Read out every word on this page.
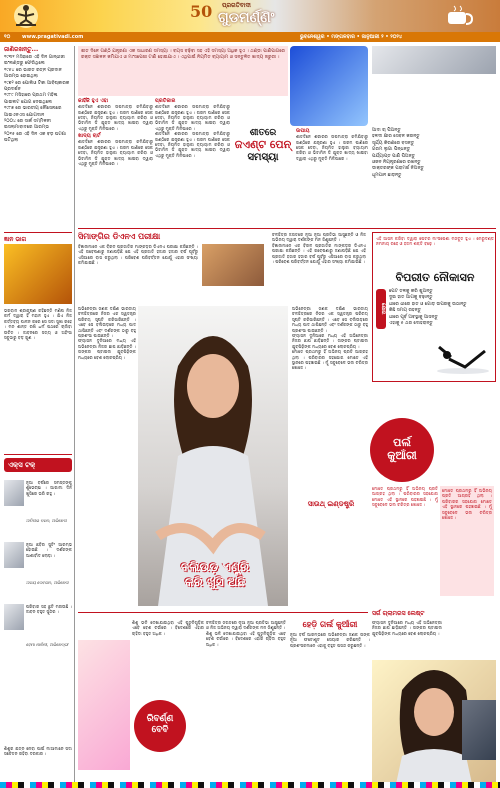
50	ପ୍ରଗତିବାଦୀ
ଗୁଡମର୍ଣ୍ଣିଂ
୧୦ www.pragativadi.com	ଭୁବନେଶ୍ୱର • ମଙ୍ଗଳବାର • ଜାନୁଆରୀ ୨ • ୨୦୨୪
ଜାଣିରଖନ୍ତୁ...
୧୯୩୧ ମସିହାରେ ଏହି ଦିନ ଗାନ୍ଧୀଜୀ ଇଂଲଣ୍ଡରୁ ଫେରିଥିଲେ
୧୯୫୪ ରେ ଭାରତ ରତ୍ନ ପ୍ରଦାନ ଆରମ୍ଭ ହୋଇଥିଲା
୧୯୭୨ ରେ ପୋଲିଓ ଟିକା ଆବିଷ୍କାରକ ପ୍ରଦର୍ଶନ
୧୯୮୯ ମସିହାରେ ପ୍ରଥମ ମହିଳା ପାଇଲଟ ଯୋଗ ଦେଇଥିଲେ
୧୯୮୭ ରେ ଭାରତୀୟ ନୌସେନାରେ ଆଇଏନଏସ ଯୋଗଦାନ
୨୦୦୪ ରେ ସାର୍କ ସମ୍ମିଳନୀ ଇସଲାମାବାଦରେ ଆରମ୍ଭ
୨୦୧୫ ରେ ଏହି ଦିନ ଏକ ବଡ଼ ଘଟଣା ଘଟିଥିଲା
ଜ୍ଞାନ ଭାଗ
ଭଗବାନ ଶ୍ରୀକୃଷ୍ଣ କହିଛନ୍ତି ମଣିଷ ନିଜ କର୍ମ ଦ୍ୱାରା ହିଁ ମହାନ ହୁଏ । ଯିଏ ନିଜ କର୍ତ୍ତବ୍ୟ ପାଳନ କରେ ସେ ସଦା ସୁଖୀ ରହେ । ମନ ଶାନ୍ତ ରଖି ଧର୍ମ ପଥରେ ଚାଲିବା ଉଚିତ । ଜୀବନରେ ସତ୍ୟ ଓ ଅହିଂସା ସବୁଠାରୁ ବଡ଼ ଗୁଣ ।
ଏକ୍ସ ଟକ୍
ନୂଆ ବର୍ଷରେ ସମସ୍ତଙ୍କୁ ଶୁଭେଚ୍ଛା । ଆଗାମୀ ଦିନ ଖୁସିରେ ଭରି ରହୁ ।
ଅମିତାଭ ବଚ୍ଚନ, ଅଭିନେତା
ନୂଆ ଛବିର ସୁଟିଂ ଆରମ୍ଭ ହୋଇଛି । ଦର୍ଶକଙ୍କ ଆଶୀର୍ବାଦ ଲୋଡ଼ା ।
ଅଜୟ ଦେବଗନ, ଅଭିନେତା
ପରିବାର ସହ ଛୁଟି ମନାଉଛି । ଜୀବନ ବହୁତ ସୁନ୍ଦର ।
ହେମା ମାଳିନୀ, ଅଭିନେତ୍ରୀ
ଶିଶୁର ଯତ୍ନ ନେବା ପାଇଁ ମାଆମାନେ ସଦା ସଚେତନ ରହିବା ଦରକାର ।
ଶୀତ ଦିନେ ଗଣ୍ଠି ଯନ୍ତ୍ରଣା ଏକ ସାଧାରଣ ସମସ୍ୟା । ବୟସ ବଢ଼ିବା ସହ ଏହି ସମସ୍ୟା ଅଧିକ ହୁଏ । ଥଣ୍ଡା ପାଣିପାଗରେ ରକ୍ତ ସଞ୍ଚାଳନ କମିଯାଏ ଓ ମାଂସପେଶୀ ଟାଣି ହୋଇଯାଏ । ଏଥିପାଇଁ ନିୟମିତ ବ୍ୟାୟାମ ଓ ସନ୍ତୁଳିତ ଖାଦ୍ୟ ଜରୁରୀ ।
କାହିଁକି ହୁଏ ଏହା
ଶୀତଦିନେ ଶରୀରର ତାପମାତ୍ରା କମିଯିବାରୁ ଗଣ୍ଠିରେ ଯନ୍ତ୍ରଣା ହୁଏ । ଗରମ ପାଣିରେ ସେକ ଦେବା, ନିୟମିତ ହାଲୁକା ବ୍ୟାୟାମ କରିବା ଓ ଭିଟାମିନ ଡି ଯୁକ୍ତ ଖାଦ୍ୟ ଖାଇବା ଦ୍ୱାରା ଏଥିରୁ ମୁକ୍ତି ମିଳିପାରେ ।
ଖାଦ୍ୟ ଚାର୍ଟ
ଶୀତଦିନେ ଶରୀରର ତାପମାତ୍ରା କମିଯିବାରୁ ଗଣ୍ଠିରେ ଯନ୍ତ୍ରଣା ହୁଏ । ଗରମ ପାଣିରେ ସେକ ଦେବା, ନିୟମିତ ହାଲୁକା ବ୍ୟାୟାମ କରିବା ଓ ଭିଟାମିନ ଡି ଯୁକ୍ତ ଖାଦ୍ୟ ଖାଇବା ଦ୍ୱାରା ଏଥିରୁ ମୁକ୍ତି ମିଳିପାରେ ।
ପ୍ରତିକାର
ଶୀତଦିନେ ଶରୀରର ତାପମାତ୍ରା କମିଯିବାରୁ ଗଣ୍ଠିରେ ଯନ୍ତ୍ରଣା ହୁଏ । ଗରମ ପାଣିରେ ସେକ ଦେବା, ନିୟମିତ ହାଲୁକା ବ୍ୟାୟାମ କରିବା ଓ ଭିଟାମିନ ଡି ଯୁକ୍ତ ଖାଦ୍ୟ ଖାଇବା ଦ୍ୱାରା ଏଥିରୁ ମୁକ୍ତି ମିଳିପାରେ ।
ଶୀତଦିନେ ଶରୀରର ତାପମାତ୍ରା କମିଯିବାରୁ ଗଣ୍ଠିରେ ଯନ୍ତ୍ରଣା ହୁଏ । ଗରମ ପାଣିରେ ସେକ ଦେବା, ନିୟମିତ ହାଲୁକା ବ୍ୟାୟାମ କରିବା ଓ ଭିଟାମିନ ଡି ଯୁକ୍ତ ଖାଦ୍ୟ ଖାଇବା ଦ୍ୱାରା ଏଥିରୁ ମୁକ୍ତି ମିଳିପାରେ ।
ଶୀତରେ
ଜଏଣ୍ଟ ପେନ୍
ସମସ୍ୟା
ଉପାୟ
ଶୀତଦିନେ ଶରୀରର ତାପମାତ୍ରା କମିଯିବାରୁ ଗଣ୍ଠିରେ ଯନ୍ତ୍ରଣା ହୁଏ । ଗରମ ପାଣିରେ ସେକ ଦେବା, ନିୟମିତ ହାଲୁକା ବ୍ୟାୟାମ କରିବା ଓ ଭିଟାମିନ ଡି ଯୁକ୍ତ ଖାଦ୍ୟ ଖାଇବା ଦ୍ୱାରା ଏଥିରୁ ମୁକ୍ତି ମିଳିପାରେ ।
ଆଦା ଚା ପିଅନ୍ତୁ
ହଳଦୀ କ୍ଷୀର ସେବନ କରନ୍ତୁ
ସୂର୍ଯ୍ୟ କିରଣରେ ବସନ୍ତୁ
ଗରମ ଲୁଗା ପିନ୍ଧନ୍ତୁ
ପର୍ଯ୍ୟାପ୍ତ ପାଣି ପିଅନ୍ତୁ
ଓଜନ ନିୟନ୍ତ୍ରଣରେ ରଖନ୍ତୁ
ଡାକ୍ତରଙ୍କ ପରାମର୍ଶ ନିଅନ୍ତୁ
ଧୂମପାନ ଛାଡ଼ନ୍ତୁ
ସିମାଙ୍ଗିର ଡିଏନଏ ପରୀକ୍ଷା
ବିଜ୍ଞାନୀମାନେ ଏକ ବିରଳ ପ୍ରଜାତିର ମାଙ୍କଡ଼ର ଡିଏନଏ ପରୀକ୍ଷା କରିଛନ୍ତି । ଏହି ଗବେଷଣାରୁ ଜଣାପଡ଼ିଛି ଯେ ଏହି ପ୍ରଜାତି ହଜାର ହଜାର ବର୍ଷ ପୂର୍ବରୁ ଏସିଆରେ ବାସ କରୁଥିଲା । ପରିବେଶ ପରିବର୍ତ୍ତନ ଯୋଗୁଁ ଏହାର ସଂଖ୍ୟା କମିଯାଇଛି ।
ଚଳଚ୍ଚିତ୍ର ଜଗତରେ ନୂଆ ନୂଆ ପ୍ରତିଭା ଆସୁଛନ୍ତି ଓ ନିଜ ଅଭିନୟ ଦ୍ୱାରା ଦର୍ଶକଙ୍କ ମନ ଜିଣୁଛନ୍ତି ।
ବିଜ୍ଞାନୀମାନେ ଏକ ବିରଳ ପ୍ରଜାତିର ମାଙ୍କଡ଼ର ଡିଏନଏ ପରୀକ୍ଷା କରିଛନ୍ତି । ଏହି ଗବେଷଣାରୁ ଜଣାପଡ଼ିଛି ଯେ ଏହି ପ୍ରଜାତି ହଜାର ହଜାର ବର୍ଷ ପୂର୍ବରୁ ଏସିଆରେ ବାସ କରୁଥିଲା । ପରିବେଶ ପରିବର୍ତ୍ତନ ଯୋଗୁଁ ଏହାର ସଂଖ୍ୟା କମିଯାଇଛି ।
ଏହି ଆସନ କରିବା ଦ୍ୱାରା ପେଟର ମାଂସପେଶୀ ମଜବୁତ ହୁଏ । ମେରୁଦଣ୍ଡ ନମନୀୟ ରହେ ଓ ହଜମ ଶକ୍ତି ବଢ଼େ ।
ବିପରୀତ ନୌକାସନ
ଯୋଗ
ପେଟ ତଳକୁ କରି ଶୁଅନ୍ତୁ
ଦୁଇ ହାତ ଆଗକୁ ବଢ଼ାନ୍ତୁ
ଧୀରେ ଧୀରେ ହାତ ଓ ଗୋଡ଼ ଉପରକୁ ଉଠାନ୍ତୁ
କିଛି ସମୟ ରହନ୍ତୁ
ଧୀରେ ପୂର୍ବ ଅବସ୍ଥାକୁ ଆସନ୍ତୁ
ଏହାକୁ ୫ ଥର ଦୋହରାନ୍ତୁ
ବଲିଉଡ଼ ଏଣ୍ଟ୍ରି
କରି ଖୁସି ଅଛି
ଅଭିନେତ୍ରୀ ଜଣକ ଦକ୍ଷିଣ ଭାରତୀୟ ଚଳଚ୍ଚିତ୍ରରେ ନିଜର ଏକ ସ୍ୱତନ୍ତ୍ର ପରିଚୟ ସୃଷ୍ଟି କରିସାରିଛନ୍ତି । ଏବେ ସେ ବଲିଉଡ଼ରେ ମଧ୍ୟ ପାଦ ଥାପିଛନ୍ତି ଏବଂ ଦର୍ଶକଙ୍କ ଠାରୁ ବହୁ ପ୍ରଶଂସା ପାଉଛନ୍ତି ।
ଫ୍ୟାସନ ଦୁନିଆରେ ମଧ୍ୟ ଏହି ଅଭିନେତ୍ରୀ ନିଜର ଛାପ ଛାଡ଼ିଛନ୍ତି । ତାଙ୍କର ଷ୍ଟାଇଲ ଯୁବପିଢ଼ିଙ୍କ ମଧ୍ୟରେ ବେଶ ଲୋକପ୍ରିୟ ।
ଅଭିନେତ୍ରୀ ଜଣକ ଦକ୍ଷିଣ ଭାରତୀୟ ଚଳଚ୍ଚିତ୍ରରେ ନିଜର ଏକ ସ୍ୱତନ୍ତ୍ର ପରିଚୟ ସୃଷ୍ଟି କରିସାରିଛନ୍ତି । ଏବେ ସେ ବଲିଉଡ଼ରେ ମଧ୍ୟ ପାଦ ଥାପିଛନ୍ତି ଏବଂ ଦର୍ଶକଙ୍କ ଠାରୁ ବହୁ ପ୍ରଶଂସା ପାଉଛନ୍ତି ।
ଫ୍ୟାସନ ଦୁନିଆରେ ମଧ୍ୟ ଏହି ଅଭିନେତ୍ରୀ ନିଜର ଛାପ ଛାଡ଼ିଛନ୍ତି । ତାଙ୍କର ଷ୍ଟାଇଲ ଯୁବପିଢ଼ିଙ୍କ ମଧ୍ୟରେ ବେଶ ଲୋକପ୍ରିୟ ।
ମୋତେ ପ୍ରଥମରୁ ହିଁ ଅଭିନୟ ପ୍ରତି ଆଗ୍ରହ ଥିଲା । ପରିବାରର ସହଯୋଗ ମୋତେ ଏହି ସ୍ଥାନରେ ପହଞ୍ଚାଇଛି । ମୁଁ ସବୁବେଳେ ଭଲ ଚରିତ୍ର ଖୋଜେ ।
ପର୍ଲ
କୁଆଁରୀ
ସାଉଥ୍ ଇଣ୍ଡଷ୍ଟ୍ରି
ମୋତେ ପ୍ରଥମରୁ ହିଁ ଅଭିନୟ ପ୍ରତି ଆଗ୍ରହ ଥିଲା । ପରିବାରର ସହଯୋଗ ମୋତେ ଏହି ସ୍ଥାନରେ ପହଞ୍ଚାଇଛି । ମୁଁ ସବୁବେଳେ ଭଲ ଚରିତ୍ର ଖୋଜେ ।
ମୋତେ ପ୍ରଥମରୁ ହିଁ ଅଭିନୟ ପ୍ରତି ଆଗ୍ରହ ଥିଲା । ପରିବାରର ସହଯୋଗ ମୋତେ ଏହି ସ୍ଥାନରେ ପହଞ୍ଚାଇଛି । ମୁଁ ସବୁବେଳେ ଭଲ ଚରିତ୍ର ଖୋଜେ ।
ସର୍ଗ ଗ୍ଲାମରସ ଲେଷ୍ଟ
ଫ୍ୟାସନ ଦୁନିଆରେ ମଧ୍ୟ ଏହି ଅଭିନେତ୍ରୀ ନିଜର ଛାପ ଛାଡ଼ିଛନ୍ତି । ତାଙ୍କର ଷ୍ଟାଇଲ ଯୁବପିଢ଼ିଙ୍କ ମଧ୍ୟରେ ବେଶ ଲୋକପ୍ରିୟ ।
ଶିଶୁ ଭଳି ଦେଖାଯାଉଥିବା ଏହି ପୁତୁଳିଗୁଡ଼ିକ ଏବେ ବେଶ ଚର୍ଚ୍ଚାରେ । ବିଦେଶରେ ଏହାର ଚାହିଦା ବହୁତ ଅଧିକ ।
ରିବର୍ଣ୍ଣ
ବେବି
ଚଳଚ୍ଚିତ୍ର ଜଗତରେ ନୂଆ ନୂଆ ପ୍ରତିଭା ଆସୁଛନ୍ତି ଓ ନିଜ ଅଭିନୟ ଦ୍ୱାରା ଦର୍ଶକଙ୍କ ମନ ଜିଣୁଛନ୍ତି ।
ଶିଶୁ ଭଳି ଦେଖାଯାଉଥିବା ଏହି ପୁତୁଳିଗୁଡ଼ିକ ଏବେ ବେଶ ଚର୍ଚ୍ଚାରେ । ବିଦେଶରେ ଏହାର ଚାହିଦା ବହୁତ ଅଧିକ ।
ହେଡ଼ି ଗର୍ଲ କୁଆଁରୀ
ନୂଆ ବର୍ଷ ଆରମ୍ଭରେ ଅଭିନେତ୍ରୀ ଜଣକ ତାଙ୍କ ନୂଆ ଫଟୋଶୁଟ ସେୟାର କରିଛନ୍ତି । ପ୍ରଶଂସକମାନେ ଏହାକୁ ବହୁତ ପସନ୍ଦ କରୁଛନ୍ତି ।
